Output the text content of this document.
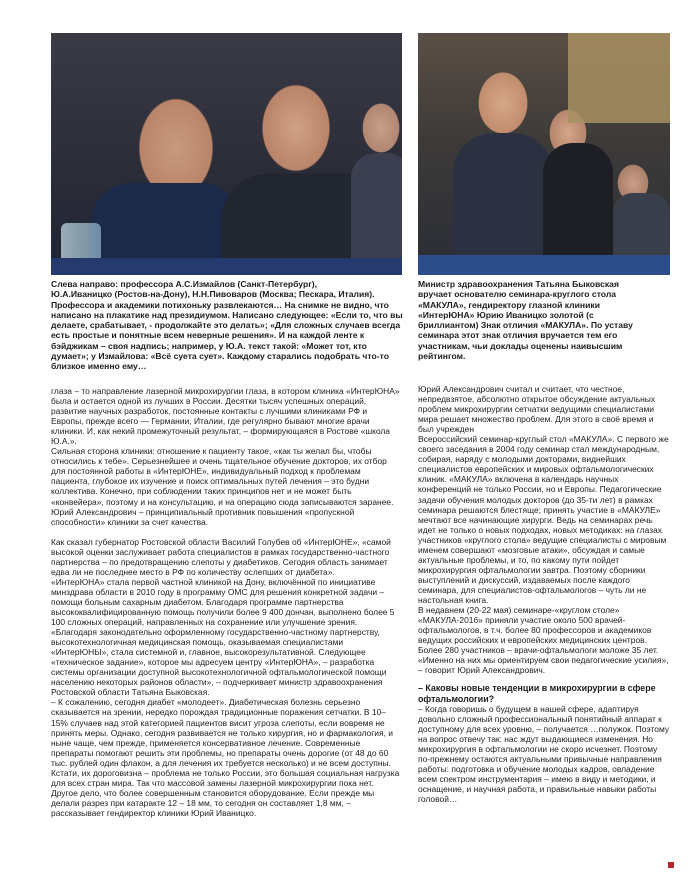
Слева направо: профессора А.С.Измайлов (Санкт-Петербург),
Ю.А.Иваницко (Ростов-на-Дону), Н.Н.Пивоваров (Москва; Пескара, Италия).
Профессора и академики потихоньку развлекаются… На снимке не видно, что написано на плакатике над президиумом. Написано следующее: «Если то, что вы делаете, срабатывает, - продолжайте это делать»; «Для сложных случаев всегда есть простые и понятные всем неверные решения». И на каждой ленте к бэйджикам – своя надпись; например, у Ю.А. текст такой: «Может тот, кто думает»; у Измайлова: «Всё суета сует». Каждому старались подобрать что-то близкое именно ему…

Министр здравоохранения Татьяна Быковская вручает основателю семинара-круглого стола «МАКУЛА», гендиректору глазной клиники «ИнтерЮНА» Юрию Иваницко золотой (с бриллиантом) Знак отличия «МАКУЛА». По уставу семинара этот знак отличия вручается тем его участникам, чьи доклады оценены наивысшим рейтингом.

глаза – то направление лазерной микрохирургии глаза, в котором клиника «ИнтерЮНА» была и остается одной из лучших в России. Десятки тысяч успешных операций, развитие научных разработок, постоянные контакты с лучшими клиниками РФ и Европы, прежде всего — Германии, Италии, где регулярно бывают многие врачи клиники. И, как некий промежуточный результат, – формирующаяся в Ростове «школа Ю.А.».
Сильная сторона клиники: отношение к пациенту такое, «как ты желал бы, чтобы относились к тебе». Серьезнейшее и очень тщательное обучение докторов, их отбор для постоянной работы в «ИнтерЮНЕ», индивидуальный подход к проблемам пациента, глубокое их изучение и поиск оптимальных путей лечения – это будни коллектива. Конечно, при соблюдении таких принципов нет и не может быть «конвейера», поэтому и на консультацию, и на операцию сюда записываются заранее. Юрий Александрович – принципиальный противник повышения «пропускной способности» клиники за счет качества.

Как сказал губернатор Ростовской области Василий Голубев об «ИнтерЮНЕ», «самой высокой оценки заслуживает работа специалистов в рамках государственно-частного партнерства – по предотвращению слепоты у диабетиков. Сегодня область занимает едва ли не последнее место в РФ по количеству ослепших от диабета».
«ИнтерЮНА» стала первой частной клиникой на Дону, включённой по инициативе минздрава области в 2010 году в программу ОМС для решения конкретной задачи – помощи больным сахарным диабетом. Благодаря программе партнерства высококвалифицированную помощь получили более 9 400 дончан, выполнено более 5 100 сложных операций, направленных на сохранение или улучшение зрения.
«Благодаря законодательно оформленному государственно-частному партнерству, высокотехнологичная медицинская помощь, оказываемая специалистами «ИнтерЮНЫ», стала системной и, главное, высокорезультативной. Следующее «техническое задание», которое мы адресуем центру «ИнтерЮНА», – разработка системы организации доступной высокотехнологичной офтальмологической помощи населению некоторых районов области», – подчеркивает министр здравоохранения Ростовской области Татьяна Быковская.
– К сожалению, сегодня диабет «молодеет». Диабетическая болезнь серьезно сказывается на зрении, нередко порождая традиционные поражения сетчатки. В 10–15% случаев над этой категорией пациентов висит угроза слепоты, если вовремя не принять меры. Однако, сегодня развивается не только хирургия, но и фармакология, и ныне чаще, чем прежде, применяется консервативное лечение. Современные препараты помогают решить эти проблемы, но препараты очень дорогие (от 48 до 60 тыс. рублей один флакон, а для лечения их требуется несколько) и не всем доступны. Кстати, их дороговизна – проблема не только России, это большая социальная нагрузка для всех стран мира. Так что массовой замены лазерной микрохирургии пока нет. Другое дело, что более совершенным становится оборудование. Если прежде мы делали разрез при катаракте 12 – 18 мм, то сегодня он составляет 1,8 мм, – рассказывает гендиректор клиники Юрий Иваницко.

Юрий Александрович считал и считает, что честное, непредвзятое, абсолютно открытое обсуждение актуальных проблем микрохирургии сетчатки ведущими специалистами мира решает множество проблем. Для этого в своё время и был учрежден
Всероссийский семинар-круглый стол «МАКУЛА». С первого же своего заседания в 2004 году семинар стал международным, собирая, наряду с молодыми докторами, виднейших специалистов европейских и мировых офтальмологических клиник. «МАКУЛА» включена в календарь научных конференций не только России, но и Европы. Педагогические задачи обучения молодых докторов (до 35-ти лет) в рамках семинара решаются блестяще; принять участие в «МАКУЛЕ» мечтают все начинающие хирурги. Ведь на семинарах речь идет не только о новых подходах, новых методиках: на глазах участников «круглого стола» ведущие специалисты с мировым именем совершают «мозговые атаки», обсуждая и самые актуальные проблемы, и то, по какому пути пойдет микрохирургия офтальмологии завтра. Поэтому сборники выступлений и дискуссий, издаваемых после каждого семинара, для специалистов-офтальмологов – чуть ли не настольная книга.
В недавнем (20-22 мая) семинаре-«круглом столе» «МАКУЛА-2016» приняли участие около 500 врачей-офтальмологов, в т.ч. более 80 профессоров и академиков ведущих российских и европейских медицинских центров. Более 280 участников – врачи-офтальмологи моложе 35 лет. «Именно на них мы ориентируем свои педагогические усилия», – говорит Юрий Александрович.

– Каковы новые тенденции в микрохирургии в сфере офтальмологии?

– Когда говоришь о будущем в нашей сфере, адаптируя довольно сложный профессиональный понятийный аппарат к доступному для всех уровню, – получается …полужок. Поэтому на вопрос отвечу так: нас ждут выдающиеся изменения. Но микрохирургия в офтальмологии не скоро исчезнет. Поэтому по-прежнему остаются актуальными привычные направления работы: подготовка и обучение молодых кадров, овладение всем спектром инструментария – имею в виду и методики, и оснащение, и научная работа, и правильные навыки работы головой…
